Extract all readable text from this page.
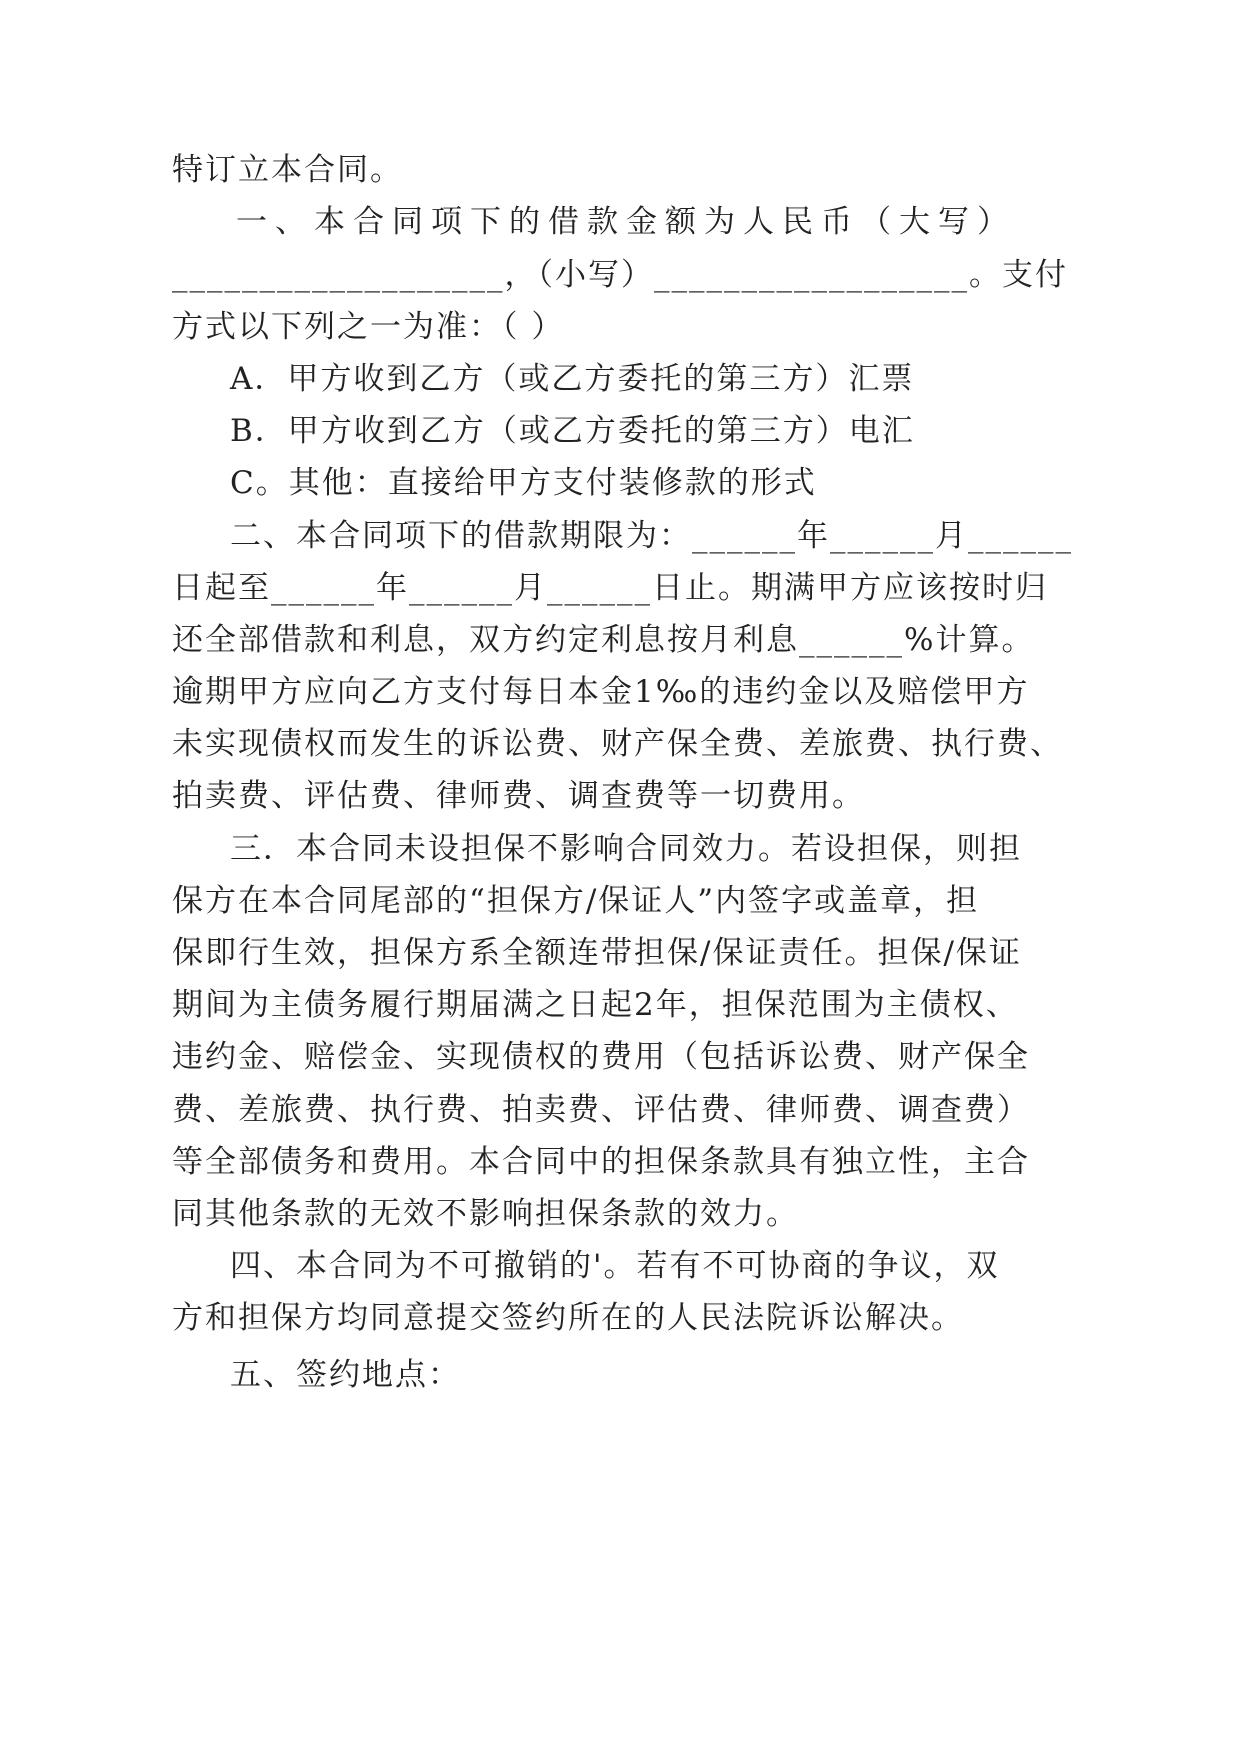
特订立本合同。
一、本合同项下的借款金额为人民币（大写）
___________________，（小写）__________________。支付
方式以下列之一为准：（ ）
A．甲方收到乙方（或乙方委托的第三方）汇票
B．甲方收到乙方（或乙方委托的第三方）电汇
C。其他：直接给甲方支付装修款的形式
二、本合同项下的借款期限为：______年______月______
日起至______年______月______日止。期满甲方应该按时归
还全部借款和利息，双方约定利息按月利息______%计算。
逾期甲方应向乙方支付每日本金1‰的违约金以及赔偿甲方
未实现债权而发生的诉讼费、财产保全费、差旅费、执行费、
拍卖费、评估费、律师费、调查费等一切费用。
三．本合同未设担保不影响合同效力。若设担保，则担
保方在本合同尾部的“担保方/保证人”内签字或盖章，担
保即行生效，担保方系全额连带担保/保证责任。担保/保证
期间为主债务履行期届满之日起2年，担保范围为主债权、
违约金、赔偿金、实现债权的费用（包括诉讼费、财产保全
费、差旅费、执行费、拍卖费、评估费、律师费、调查费）
等全部债务和费用。本合同中的担保条款具有独立性，主合
同其他条款的无效不影响担保条款的效力。
四、本合同为不可撤销的'。若有不可协商的争议，双
方和担保方均同意提交签约所在的人民法院诉讼解决。
五、签约地点：
